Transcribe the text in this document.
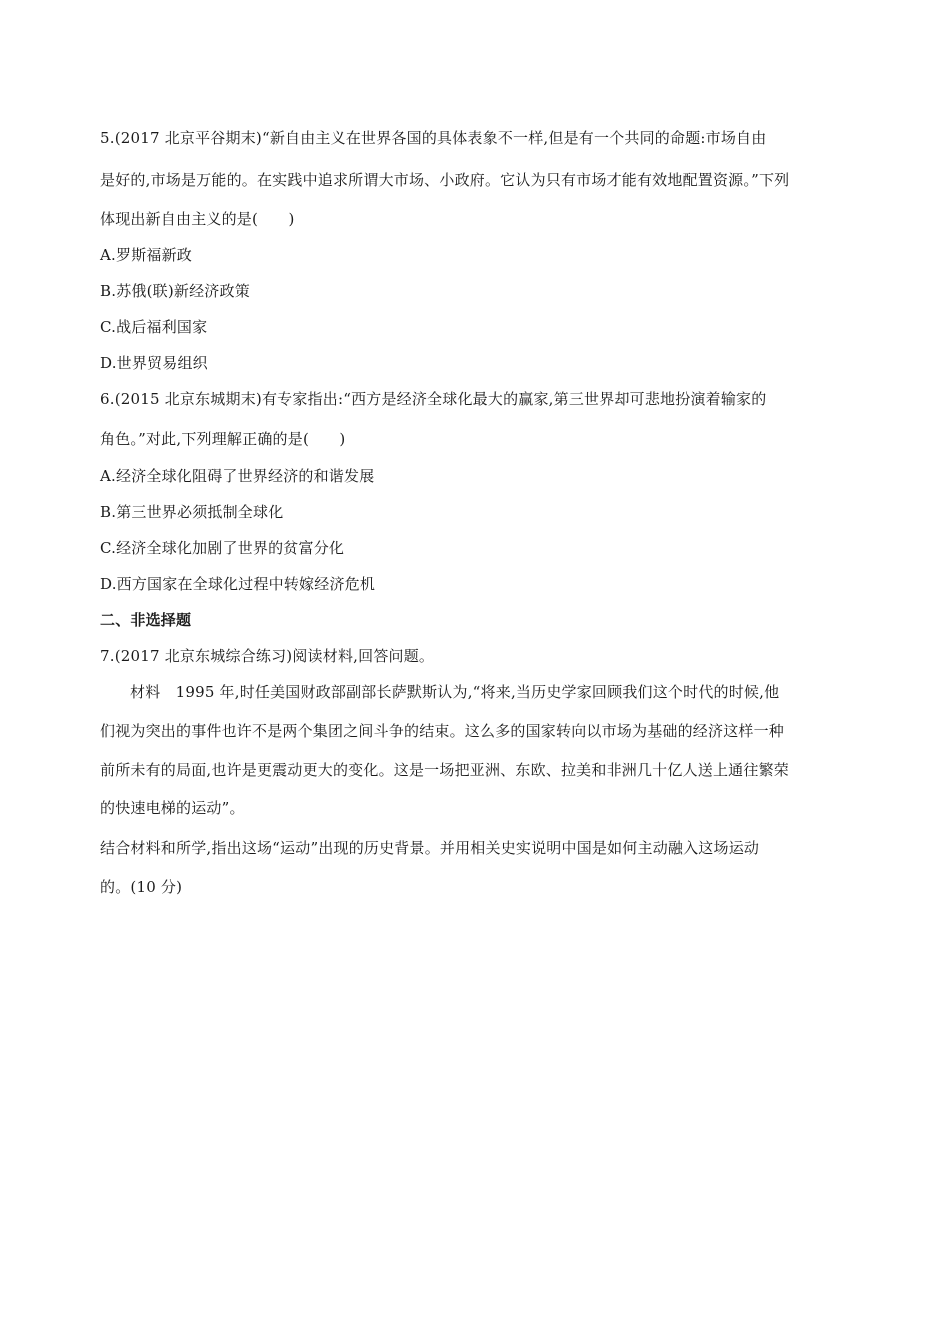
5.(2017 北京平谷期末)“新自由主义在世界各国的具体表象不一样,但是有一个共同的命题:市场自由
是好的,市场是万能的。在实践中追求所谓大市场、小政府。它认为只有市场才能有效地配置资源。”下列
体现出新自由主义的是(　　)
A.罗斯福新政
B.苏俄(联)新经济政策
C.战后福利国家
D.世界贸易组织
6.(2015 北京东城期末)有专家指出:“西方是经济全球化最大的赢家,第三世界却可悲地扮演着输家的
角色。”对此,下列理解正确的是(　　)
A.经济全球化阻碍了世界经济的和谐发展
B.第三世界必须抵制全球化
C.经济全球化加剧了世界的贫富分化
D.西方国家在全球化过程中转嫁经济危机
二、非选择题
7.(2017 北京东城综合练习)阅读材料,回答问题。
材料　1995 年,时任美国财政部副部长萨默斯认为,“将来,当历史学家回顾我们这个时代的时候,他
们视为突出的事件也许不是两个集团之间斗争的结束。这么多的国家转向以市场为基础的经济这样一种
前所未有的局面,也许是更震动更大的变化。这是一场把亚洲、东欧、拉美和非洲几十亿人送上通往繁荣
的快速电梯的运动”。
结合材料和所学,指出这场“运动”出现的历史背景。并用相关史实说明中国是如何主动融入这场运动
的。(10 分)
